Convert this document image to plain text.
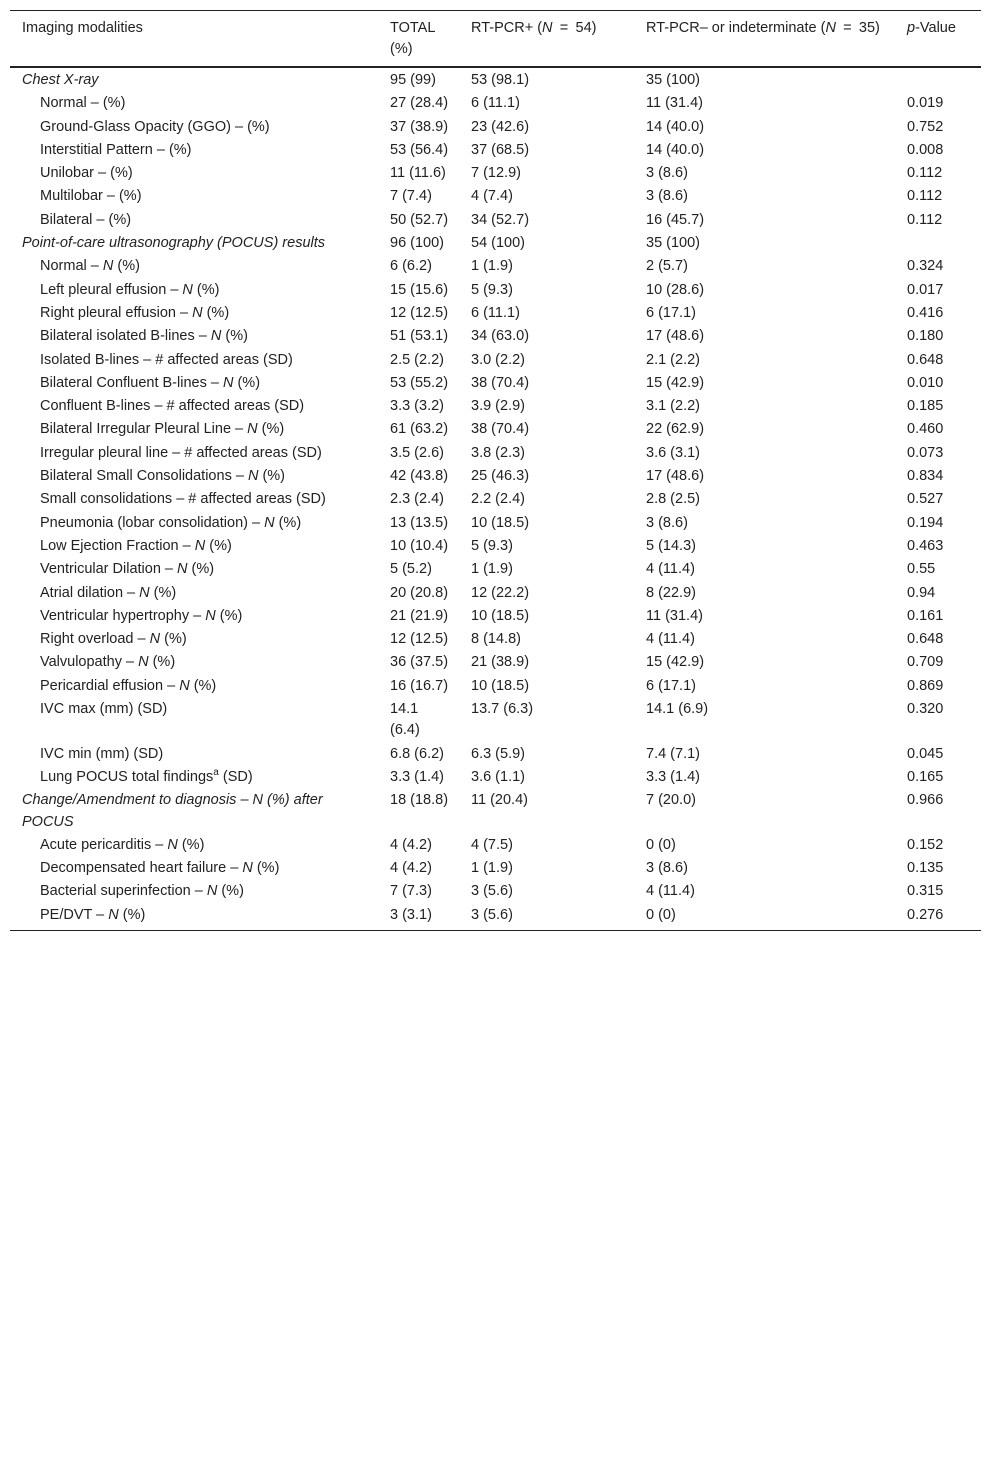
Imaging modalities	TOTAL (%)	RT-PCR+ (N = 54)	RT-PCR– or indeterminate (N = 35)	p-Value
Chest X-ray	95 (99)	53 (98.1)	35 (100)	
Normal – (%)	27 (28.4)	6 (11.1)	11 (31.4)	0.019
Ground-Glass Opacity (GGO) – (%)	37 (38.9)	23 (42.6)	14 (40.0)	0.752
Interstitial Pattern – (%)	53 (56.4)	37 (68.5)	14 (40.0)	0.008
Unilobar – (%)	11 (11.6)	7 (12.9)	3 (8.6)	0.112
Multilobar – (%)	7 (7.4)	4 (7.4)	3 (8.6)	0.112
Bilateral – (%)	50 (52.7)	34 (52.7)	16 (45.7)	0.112
Point-of-care ultrasonography (POCUS) results	96 (100)	54 (100)	35 (100)	
Normal – N (%)	6 (6.2)	1 (1.9)	2 (5.7)	0.324
Left pleural effusion – N (%)	15 (15.6)	5 (9.3)	10 (28.6)	0.017
Right pleural effusion – N (%)	12 (12.5)	6 (11.1)	6 (17.1)	0.416
Bilateral isolated B-lines – N (%)	51 (53.1)	34 (63.0)	17 (48.6)	0.180
Isolated B-lines – # affected areas (SD)	2.5 (2.2)	3.0 (2.2)	2.1 (2.2)	0.648
Bilateral Confluent B-lines – N (%)	53 (55.2)	38 (70.4)	15 (42.9)	0.010
Confluent B-lines – # affected areas (SD)	3.3 (3.2)	3.9 (2.9)	3.1 (2.2)	0.185
Bilateral Irregular Pleural Line – N (%)	61 (63.2)	38 (70.4)	22 (62.9)	0.460
Irregular pleural line – # affected areas (SD)	3.5 (2.6)	3.8 (2.3)	3.6 (3.1)	0.073
Bilateral Small Consolidations – N (%)	42 (43.8)	25 (46.3)	17 (48.6)	0.834
Small consolidations – # affected areas (SD)	2.3 (2.4)	2.2 (2.4)	2.8 (2.5)	0.527
Pneumonia (lobar consolidation) – N (%)	13 (13.5)	10 (18.5)	3 (8.6)	0.194
Low Ejection Fraction – N (%)	10 (10.4)	5 (9.3)	5 (14.3)	0.463
Ventricular Dilation – N (%)	5 (5.2)	1 (1.9)	4 (11.4)	0.55
Atrial dilation – N (%)	20 (20.8)	12 (22.2)	8 (22.9)	0.94
Ventricular hypertrophy – N (%)	21 (21.9)	10 (18.5)	11 (31.4)	0.161
Right overload – N (%)	12 (12.5)	8 (14.8)	4 (11.4)	0.648
Valvulopathy – N (%)	36 (37.5)	21 (38.9)	15 (42.9)	0.709
Pericardial effusion – N (%)	16 (16.7)	10 (18.5)	6 (17.1)	0.869
IVC max (mm) (SD)	14.1 (6.4)	13.7 (6.3)	14.1 (6.9)	0.320
IVC min (mm) (SD)	6.8 (6.2)	6.3 (5.9)	7.4 (7.1)	0.045
Lung POCUS total findings$^a$ (SD)	3.3 (1.4)	3.6 (1.1)	3.3 (1.4)	0.165
Change/Amendment to diagnosis – N (%) after POCUS	18 (18.8)	11 (20.4)	7 (20.0)	0.966
Acute pericarditis – N (%)	4 (4.2)	4 (7.5)	0 (0)	0.152
Decompensated heart failure – N (%)	4 (4.2)	1 (1.9)	3 (8.6)	0.135
Bacterial superinfection – N (%)	7 (7.3)	3 (5.6)	4 (11.4)	0.315
PE/DVT – N (%)	3 (3.1)	3 (5.6)	0 (0)	0.276
